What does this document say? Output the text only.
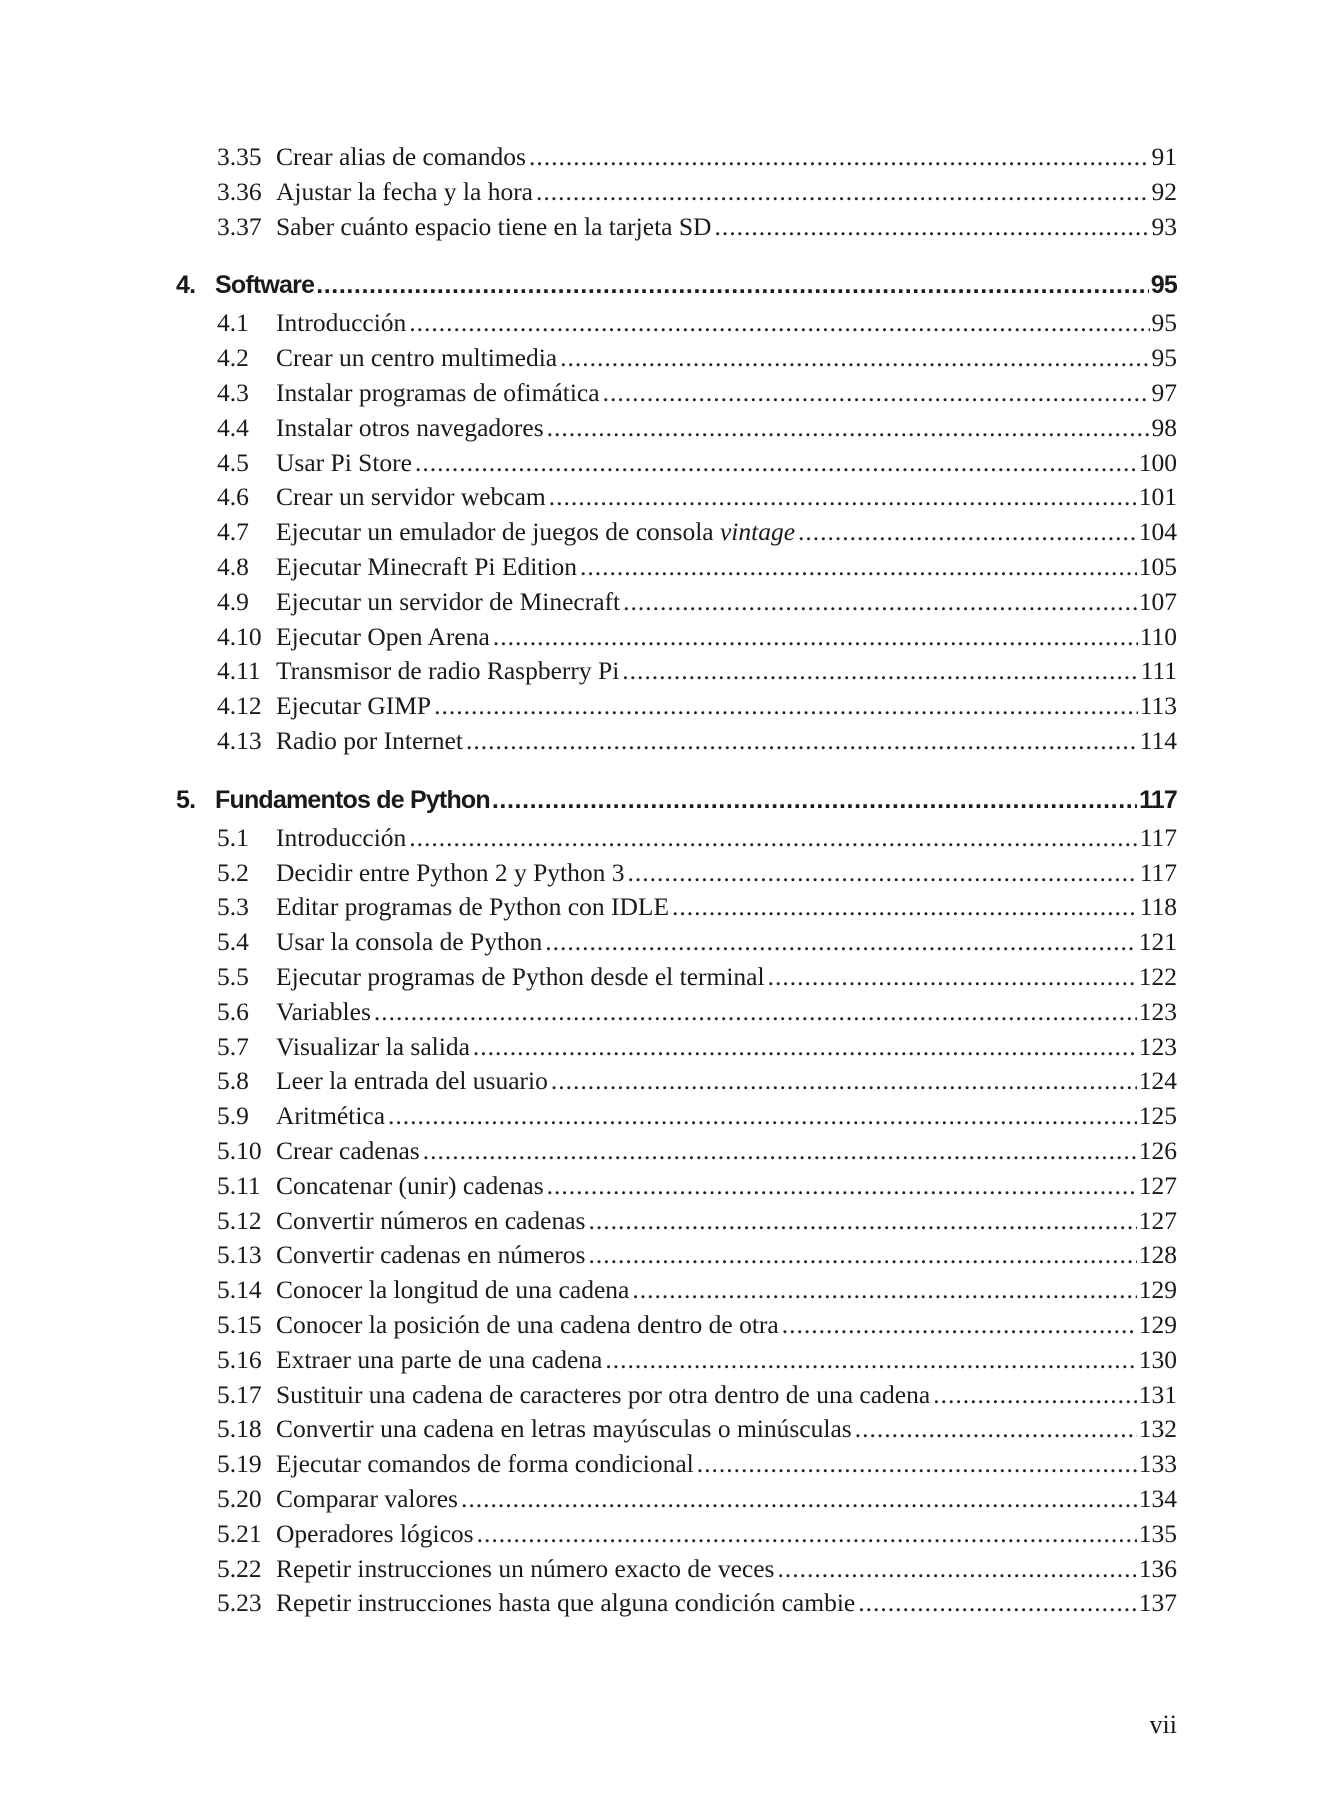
3.35 Crear alias de comandos .....	91
3.36 Ajustar la fecha y la hora .....	92
3.37 Saber cuánto espacio tiene en la tarjeta SD .....	93
4. Software .....	95
4.1	Introducción .....	95
4.2	Crear un centro multimedia .....	95
4.3	Instalar programas de ofimática .....	97
4.4	Instalar otros navegadores .....	98
4.5	Usar Pi Store .....	100
4.6	Crear un servidor webcam .....	101
4.7	Ejecutar un emulador de juegos de consola vintage .....	104
4.8	Ejecutar Minecraft Pi Edition .....	105
4.9	Ejecutar un servidor de Minecraft .....	107
4.10 Ejecutar Open Arena .....	110
4.11 Transmisor de radio Raspberry Pi .....	111
4.12 Ejecutar GIMP .....	113
4.13 Radio por Internet .....	114
5. Fundamentos de Python .....	117
5.1	Introducción .....	117
5.2	Decidir entre Python 2 y Python 3 .....	117
5.3	Editar programas de Python con IDLE .....	118
5.4	Usar la consola de Python .....	121
5.5	Ejecutar programas de Python desde el terminal .....	122
5.6	Variables .....	123
5.7	Visualizar la salida .....	123
5.8	Leer la entrada del usuario .....	124
5.9	Aritmética .....	125
5.10 Crear cadenas .....	126
5.11 Concatenar (unir) cadenas .....	127
5.12 Convertir números en cadenas .....	127
5.13 Convertir cadenas en números .....	128
5.14 Conocer la longitud de una cadena .....	129
5.15 Conocer la posición de una cadena dentro de otra .....	129
5.16 Extraer una parte de una cadena .....	130
5.17 Sustituir una cadena de caracteres por otra dentro de una cadena .....	131
5.18 Convertir una cadena en letras mayúsculas o minúsculas .....	132
5.19 Ejecutar comandos de forma condicional .....	133
5.20 Comparar valores .....	134
5.21 Operadores lógicos .....	135
5.22 Repetir instrucciones un número exacto de veces .....	136
5.23 Repetir instrucciones hasta que alguna condición cambie .....	137
vii
